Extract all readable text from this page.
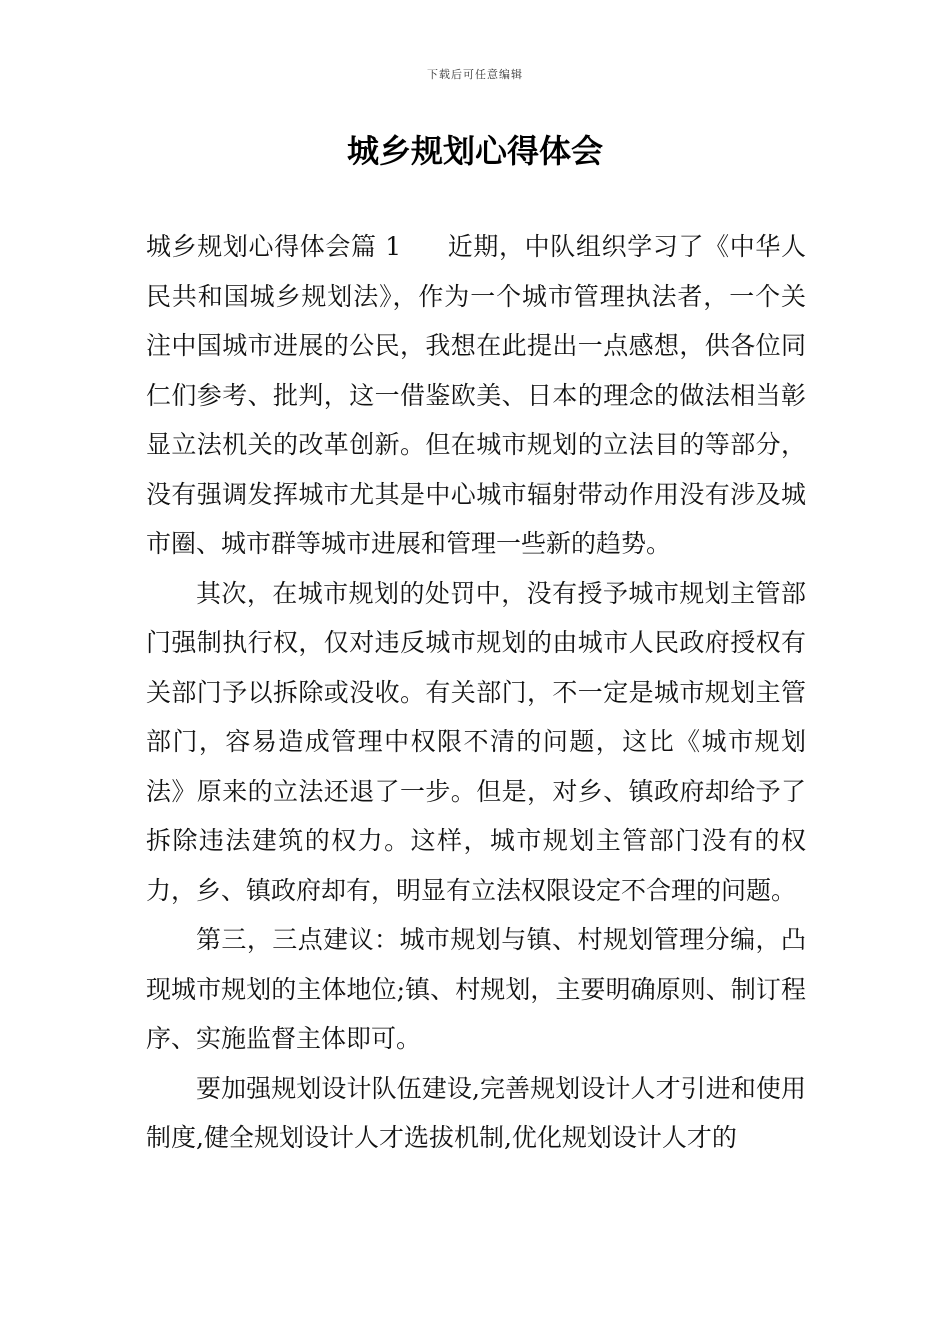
下载后可任意编辑
城乡规划心得体会

城乡规划心得体会篇 1 近期，中队组织学习了《中华人民共和国城乡规划法》，作为一个城市管理执法者，一个关注中国城市进展的公民，我想在此提出一点感想，供各位同仁们参考、批判，这一借鉴欧美、日本的理念的做法相当彰显立法机关的改革创新。但在城市规划的立法目的等部分，没有强调发挥城市尤其是中心城市辐射带动作用没有涉及城市圈、城市群等城市进展和管理一些新的趋势。

其次，在城市规划的处罚中，没有授予城市规划主管部门强制执行权，仅对违反城市规划的由城市人民政府授权有关部门予以拆除或没收。有关部门，不一定是城市规划主管部门，容易造成管理中权限不清的问题，这比《城市规划法》原来的立法还退了一步。但是，对乡、镇政府却给予了拆除违法建筑的权力。这样，城市规划主管部门没有的权力，乡、镇政府却有，明显有立法权限设定不合理的问题。

第三，三点建议：城市规划与镇、村规划管理分编，凸现城市规划的主体地位;镇、村规划，主要明确原则、制订程序、实施监督主体即可。

要加强规划设计队伍建设,完善规划设计人才引进和使用制度,健全规划设计人才选拔机制,优化规划设计人才的
